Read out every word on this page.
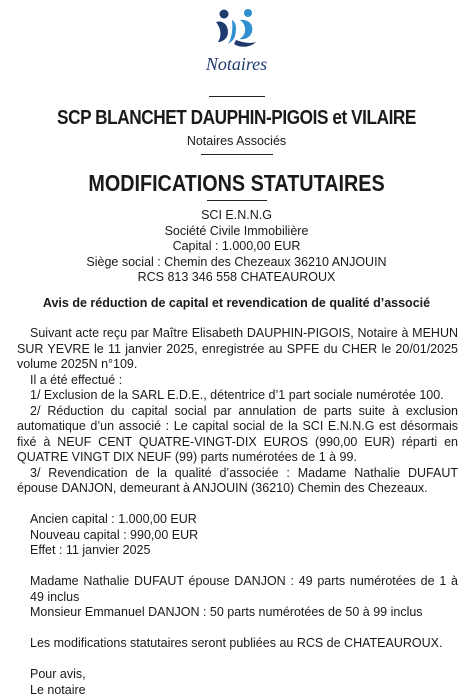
Notaires
SCP BLANCHET DAUPHIN-PIGOIS et VILAIRE
Notaires Associés
MODIFICATIONS STATUTAIRES
SCI E.N.N.G
Société Civile Immobilière
Capital : 1.000,00 EUR
Siège social : Chemin des Chezeaux 36210 ANJOUIN
RCS 813 346 558 CHATEAUROUX
Avis de réduction de capital et revendication de qualité d’associé

Suivant acte reçu par Maître Elisabeth DAUPHIN-PIGOIS, Notaire à MEHUN SUR YEVRE le 11 janvier 2025, enregistrée au SPFE du CHER le 20/01/2025 volume 2025N n°109.

Il a été effectué :

1/ Exclusion de la SARL E.D.E., détentrice d’1 part sociale numérotée 100.

2/ Réduction du capital social par annulation de parts suite à exclusion automatique d’un associé : Le capital social de la SCI E.N.N.G est désormais fixé à NEUF CENT QUATRE-VINGT-DIX EUROS (990,00 EUR) réparti en QUATRE VINGT DIX NEUF (99) parts numérotées de 1 à 99.

3/ Revendication de la qualité d’associée : Madame Nathalie DUFAUT épouse DANJON, demeurant à ANJOUIN (36210) Chemin des Chezeaux.

Ancien capital : 1.000,00 EUR

Nouveau capital : 990,00 EUR

Effet : 11 janvier 2025

Madame Nathalie DUFAUT épouse DANJON : 49 parts numérotées de 1 à 49 inclus

Monsieur Emmanuel DANJON : 50 parts numérotées de 50 à 99 inclus

Les modifications statutaires seront publiées au RCS de CHATEAUROUX.

Pour avis,

Le notaire
